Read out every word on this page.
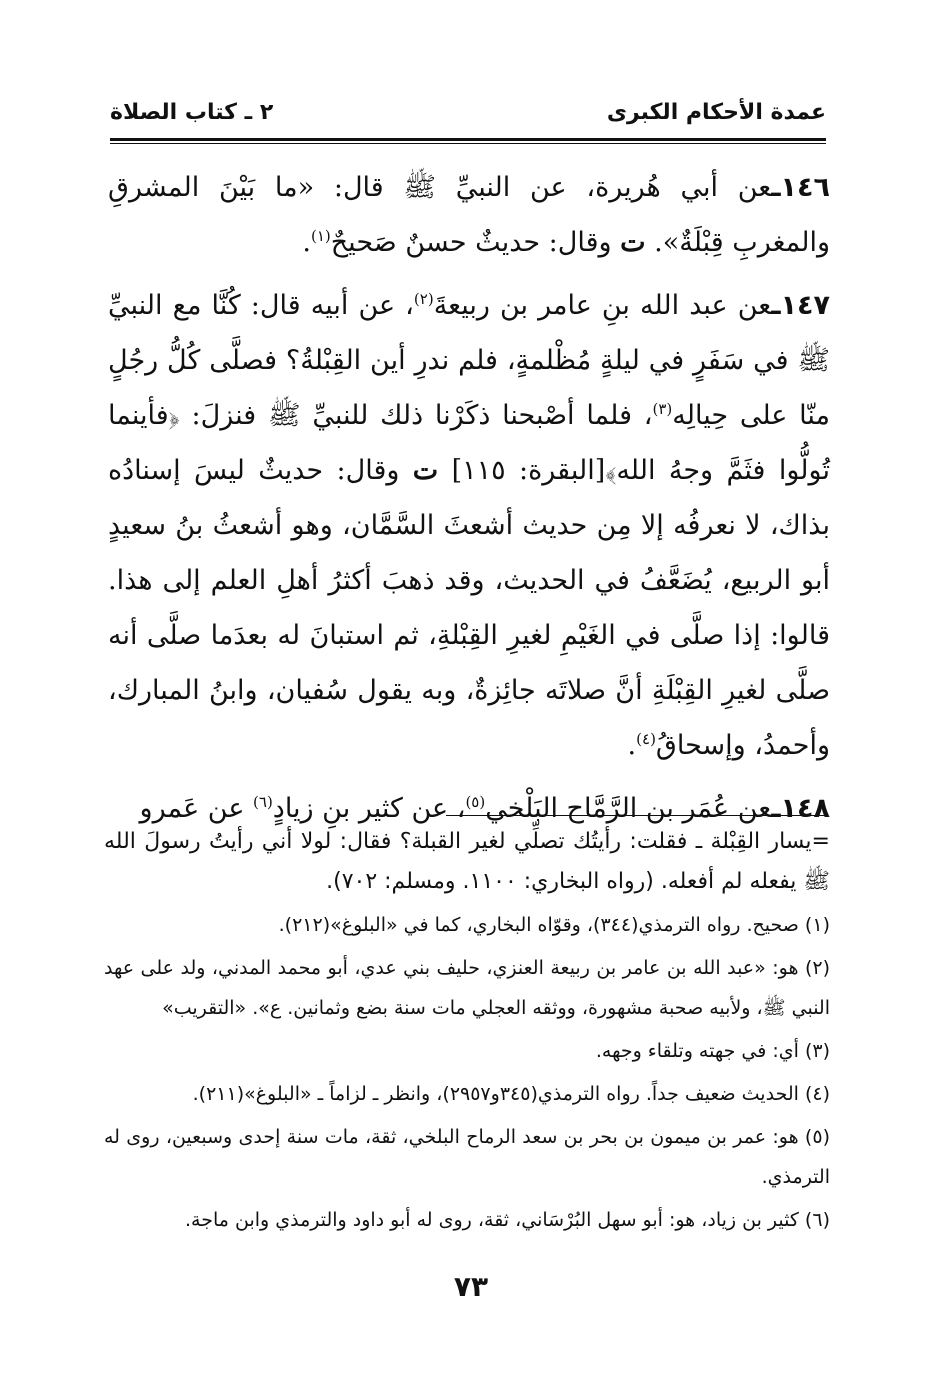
عمدة الأحكام الكبرى
٢ ـ كتاب الصلاة

١٤٦ـعن أبي هُريرة، عن النبيِّ ﷺ قال: «ما بَيْنَ المشرقِ والمغربِ قِبْلَةٌ». ت وقال: حديثٌ حسنٌ صَحيحٌ$^{(١)}$.

١٤٧ـعن عبد الله بنِ عامر بن ربيعةَ$^{(٢)}$، عن أبيه قال: كُنَّا مع النبيِّ ﷺ في سَفَرٍ في ليلةٍ مُظْلمةٍ، فلم ندرِ أين القِبْلةُ؟ فصلَّى كُلُّ رجُلٍ منّا على حِيالِه$^{(٣)}$، فلما أصْبحنا ذكَرْنا ذلك للنبيِّ ﷺ فنزلَ: ﴿فأينما تُولُّوا فثَمَّ وجهُ الله﴾[البقرة: ١١٥] ت وقال: حديثٌ ليسَ إسنادُه بذاك، لا نعرفُه إلا مِن حديث أشعثَ السَّمَّان، وهو أشعثُ بنُ سعيدٍ أبو الربيع، يُضَعَّفُ في الحديث، وقد ذهبَ أكثرُ أهلِ العلم إلى هذا. قالوا: إذا صلَّى في الغَيْمِ لغيرِ القِبْلةِ، ثم استبانَ له بعدَما صلَّى أنه صلَّى لغيرِ القِبْلَةِ أنَّ صلاتَه جائِزةٌ، وبه يقول سُفيان، وابنُ المبارك، وأحمدُ، وإسحاقُ$^{(٤)}$.

١٤٨ـعن عُمَر بن الرَّمَّاح البَلْخي$^{(٥)}$، عن كثير بنِ زيادٍ$^{(٦)}$ عن عَمرو

=يسار القِبْلة ـ فقلت: رأيتُك تصلِّي لغير القبلة؟ فقال: لولا أني رأيتُ رسولَ الله ﷺ يفعله لم أفعله. (رواه البخاري: ١١٠٠. ومسلم: ٧٠٢).

(١) صحيح. رواه الترمذي(٣٤٤)، وقوّاه البخاري، كما في «البلوغ»(٢١٢).

(٢) هو: «عبد الله بن عامر بن ربيعة العنزي، حليف بني عدي، أبو محمد المدني، ولد على عهد النبي ﷺ، ولأبيه صحبة مشهورة، ووثقه العجلي مات سنة بضع وثمانين. ع». «التقريب»

(٣) أي: في جهته وتلقاء وجهه.

(٤) الحديث ضعيف جداً. رواه الترمذي(٣٤٥و٢٩٥٧)، وانظر ـ لزاماً ـ «البلوغ»(٢١١).

(٥) هو: عمر بن ميمون بن بحر بن سعد الرماح البلخي، ثقة، مات سنة إحدى وسبعين، روى له الترمذي.

(٦) كثير بن زياد، هو: أبو سهل البُرْسَاني، ثقة، روى له أبو داود والترمذي وابن ماجة.

٧٣
